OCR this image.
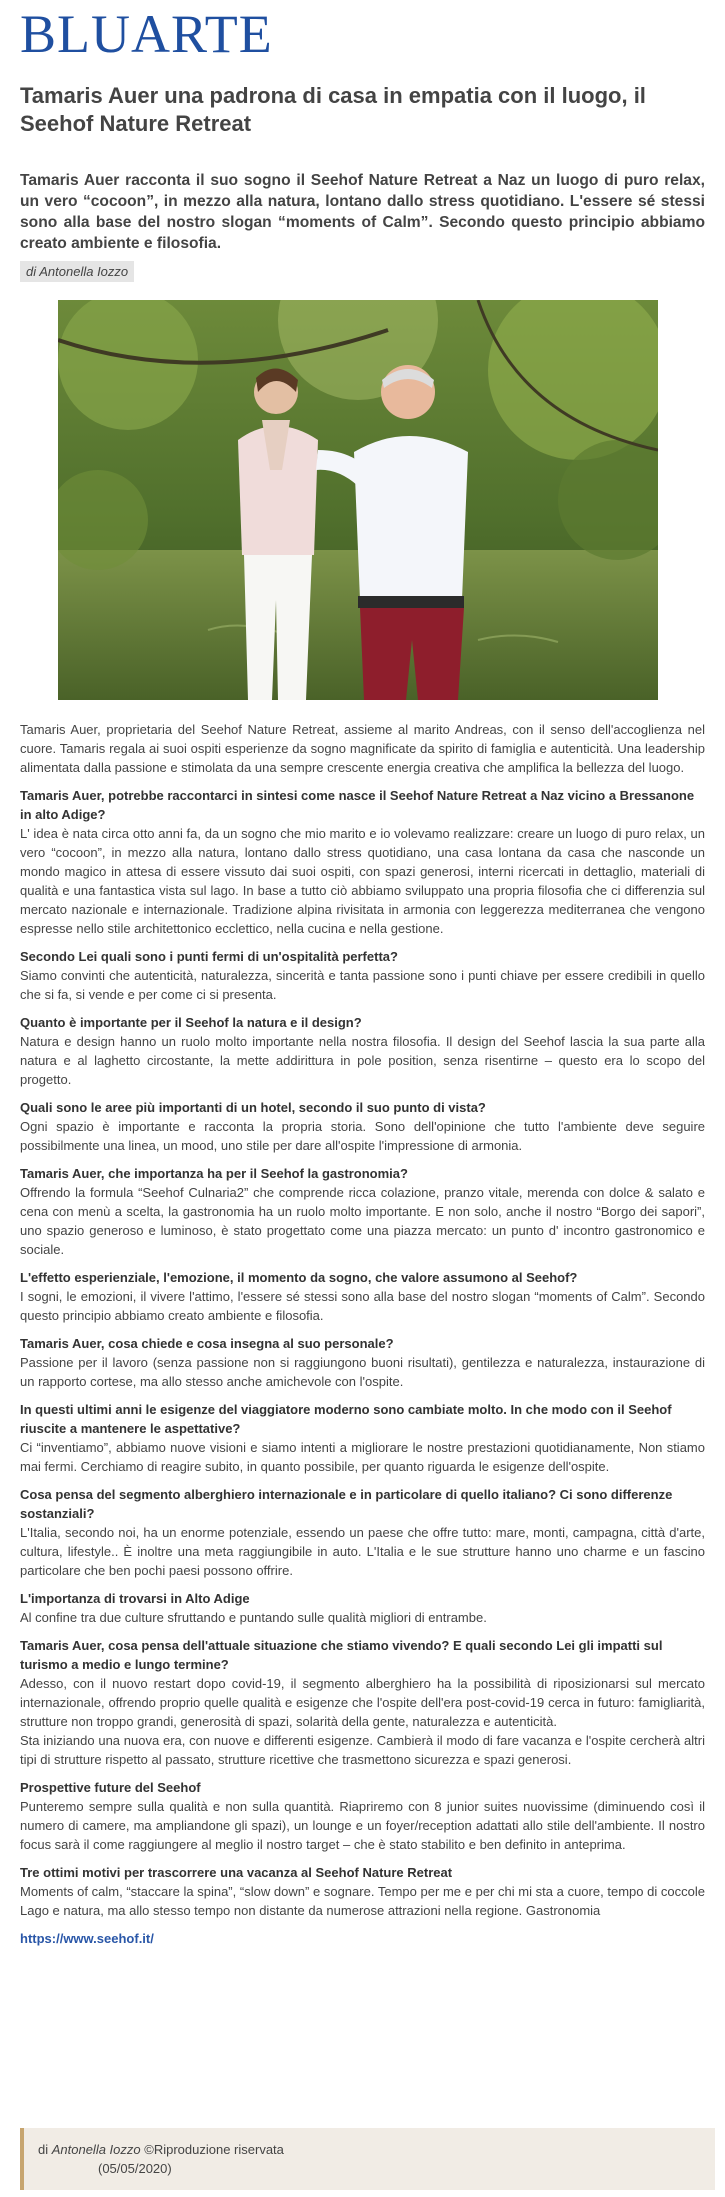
BLUARTE
Tamaris Auer una padrona di casa in empatia con il luogo, il Seehof Nature Retreat

Tamaris Auer racconta il suo sogno il Seehof Nature Retreat a Naz un luogo di puro relax, un vero “cocoon”, in mezzo alla natura, lontano dallo stress quotidiano. L'essere sé stessi sono alla base del nostro slogan “moments of Calm”. Secondo questo principio abbiamo creato ambiente e filosofia.

di Antonella Iozzo

Tamaris Auer, proprietaria del Seehof Nature Retreat, assieme al marito Andreas, con il senso dell'accoglienza nel cuore. Tamaris regala ai suoi ospiti esperienze da sogno magnificate da spirito di famiglia e autenticità. Una leadership alimentata dalla passione e stimolata da una sempre crescente energia creativa che amplifica la bellezza del luogo.

Tamaris Auer, potrebbe raccontarci in sintesi come nasce il Seehof Nature Retreat a Naz vicino a Bressanone in alto Adige?

L' idea è nata circa otto anni fa, da un sogno che mio marito e io volevamo realizzare: creare un luogo di puro relax, un vero “cocoon”, in mezzo alla natura, lontano dallo stress quotidiano, una casa lontana da casa che nasconde un mondo magico in attesa di essere vissuto dai suoi ospiti, con spazi generosi, interni ricercati in dettaglio, materiali di qualità e una fantastica vista sul lago. In base a tutto ciò abbiamo sviluppato una propria filosofia che ci differenzia sul mercato nazionale e internazionale. Tradizione alpina rivisitata in armonia con leggerezza mediterranea che vengono espresse nello stile architettonico ecclettico, nella cucina e nella gestione.

Secondo Lei quali sono i punti fermi di un'ospitalità perfetta?

Siamo convinti che autenticità, naturalezza, sincerità e tanta passione sono i punti chiave per essere credibili in quello che si fa, si vende e per come ci si presenta.

Quanto è importante per il Seehof la natura e il design?

Natura e design hanno un ruolo molto importante nella nostra filosofia. Il design del Seehof lascia la sua parte alla natura e al laghetto circostante, la mette addirittura in pole position, senza risentirne – questo era lo scopo del progetto.

Quali sono le aree più importanti di un hotel, secondo il suo punto di vista?

Ogni spazio è importante e racconta la propria storia. Sono dell'opinione che tutto l'ambiente deve seguire possibilmente una linea, un mood, uno stile per dare all'ospite l'impressione di armonia.

Tamaris Auer, che importanza ha per il Seehof la gastronomia?

Offrendo la formula “Seehof Culnaria2” che comprende ricca colazione, pranzo vitale, merenda con dolce & salato e cena con menù a scelta, la gastronomia ha un ruolo molto importante. E non solo, anche il nostro “Borgo dei sapori”, uno spazio generoso e luminoso, è stato progettato come una piazza mercato: un punto d' incontro gastronomico e sociale.

L'effetto esperienziale, l'emozione, il momento da sogno, che valore assumono al Seehof?

I sogni, le emozioni, il vivere l'attimo, l'essere sé stessi sono alla base del nostro slogan “moments of Calm”. Secondo questo principio abbiamo creato ambiente e filosofia.

Tamaris Auer, cosa chiede e cosa insegna al suo personale?

Passione per il lavoro (senza passione non si raggiungono buoni risultati), gentilezza e naturalezza, instaurazione di un rapporto cortese, ma allo stesso anche amichevole con l'ospite.

In questi ultimi anni le esigenze del viaggiatore moderno sono cambiate molto. In che modo con il Seehof riuscite a mantenere le aspettative?

Ci “inventiamo”, abbiamo nuove visioni e siamo intenti a migliorare le nostre prestazioni quotidianamente, Non stiamo mai fermi. Cerchiamo di reagire subito, in quanto possibile, per quanto riguarda le esigenze dell'ospite.

Cosa pensa del segmento alberghiero internazionale e in particolare di quello italiano? Ci sono differenze sostanziali?

L'Italia, secondo noi, ha un enorme potenziale, essendo un paese che offre tutto: mare, monti, campagna, città d'arte, cultura, lifestyle.. È inoltre una meta raggiungibile in auto. L'Italia e le sue strutture hanno uno charme e un fascino particolare che ben pochi paesi possono offrire.

L'importanza di trovarsi in Alto Adige

Al confine tra due culture sfruttando e puntando sulle qualità migliori di entrambe.

Tamaris Auer, cosa pensa dell'attuale situazione che stiamo vivendo? E quali secondo Lei gli impatti sul turismo a medio e lungo termine?

Adesso, con il nuovo restart dopo covid-19, il segmento alberghiero ha la possibilità di riposizionarsi sul mercato internazionale, offrendo proprio quelle qualità e esigenze che l'ospite dell'era post-covid-19 cerca in futuro: famigliarità, strutture non troppo grandi, generosità di spazi, solarità della gente, naturalezza e autenticità.

Sta iniziando una nuova era, con nuove e differenti esigenze. Cambierà il modo di fare vacanza e l'ospite cercherà altri tipi di strutture rispetto al passato, strutture ricettive che trasmettono sicurezza e spazi generosi.

Prospettive future del Seehof

Punteremo sempre sulla qualità e non sulla quantità. Riapriremo con 8 junior suites nuovissime (diminuendo così il numero di camere, ma ampliandone gli spazi), un lounge e un foyer/reception adattati allo stile dell'ambiente. Il nostro focus sarà il come raggiungere al meglio il nostro target – che è stato stabilito e ben definito in anteprima.

Tre ottimi motivi per trascorrere una vacanza al Seehof Nature Retreat

Moments of calm, “staccare la spina”, “slow down” e sognare. Tempo per me e per chi mi sta a cuore, tempo di coccole Lago e natura, ma allo stesso tempo non distante da numerose attrazioni nella regione. Gastronomia

https://www.seehof.it/
di Antonella Iozzo ©Riproduzione riservata
(05/05/2020)
